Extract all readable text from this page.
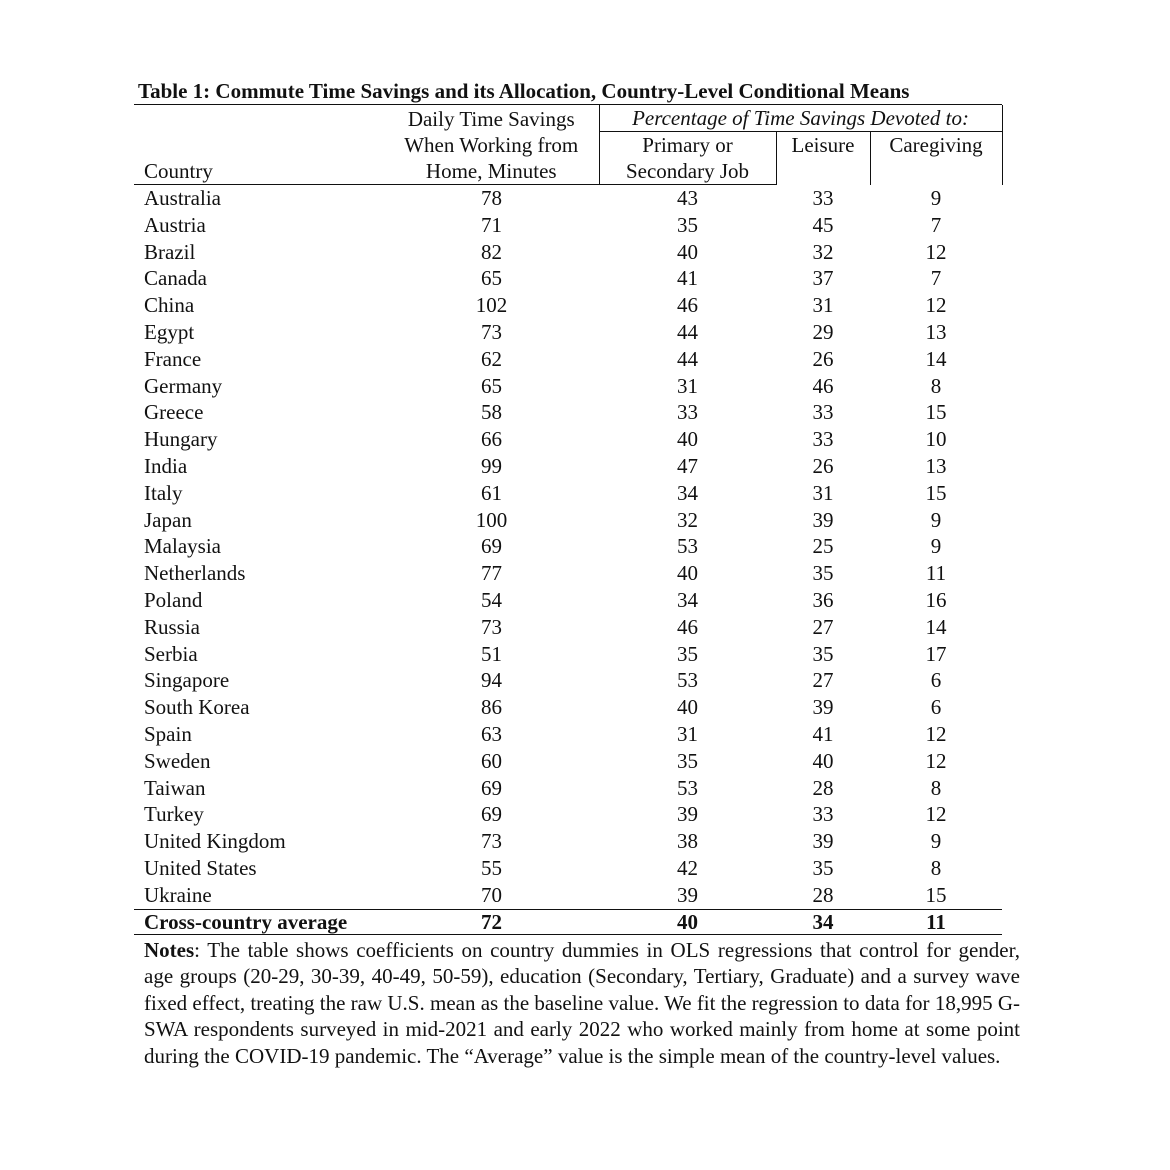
Table 1: Commute Time Savings and its Allocation, Country-Level Conditional Means
	Daily Time Savings	Percentage of Time Savings Devoted to:		
	When Working from	Primary or	Leisure	Caregiving
Country	Home, Minutes	Secondary Job		
Australia	78	43	33	9
Austria	71	35	45	7
Brazil	82	40	32	12
Canada	65	41	37	7
China	102	46	31	12
Egypt	73	44	29	13
France	62	44	26	14
Germany	65	31	46	8
Greece	58	33	33	15
Hungary	66	40	33	10
India	99	47	26	13
Italy	61	34	31	15
Japan	100	32	39	9
Malaysia	69	53	25	9
Netherlands	77	40	35	11
Poland	54	34	36	16
Russia	73	46	27	14
Serbia	51	35	35	17
Singapore	94	53	27	6
South Korea	86	40	39	6
Spain	63	31	41	12
Sweden	60	35	40	12
Taiwan	69	53	28	8
Turkey	69	39	33	12
United Kingdom	73	38	39	9
United States	55	42	35	8
Ukraine	70	39	28	15
Cross-country average	72	40	34	11

Notes: The table shows coefficients on country dummies in OLS regressions that control for gender, age groups (20-29, 30-39, 40-49, 50-59), education (Secondary, Tertiary, Graduate) and a survey wave fixed effect, treating the raw U.S. mean as the baseline value. We fit the regression to data for 18,995 G-SWA respondents surveyed in mid-2021 and early 2022 who worked mainly from home at some point during the COVID-19 pandemic. The “Average” value is the simple mean of the country-level values.
